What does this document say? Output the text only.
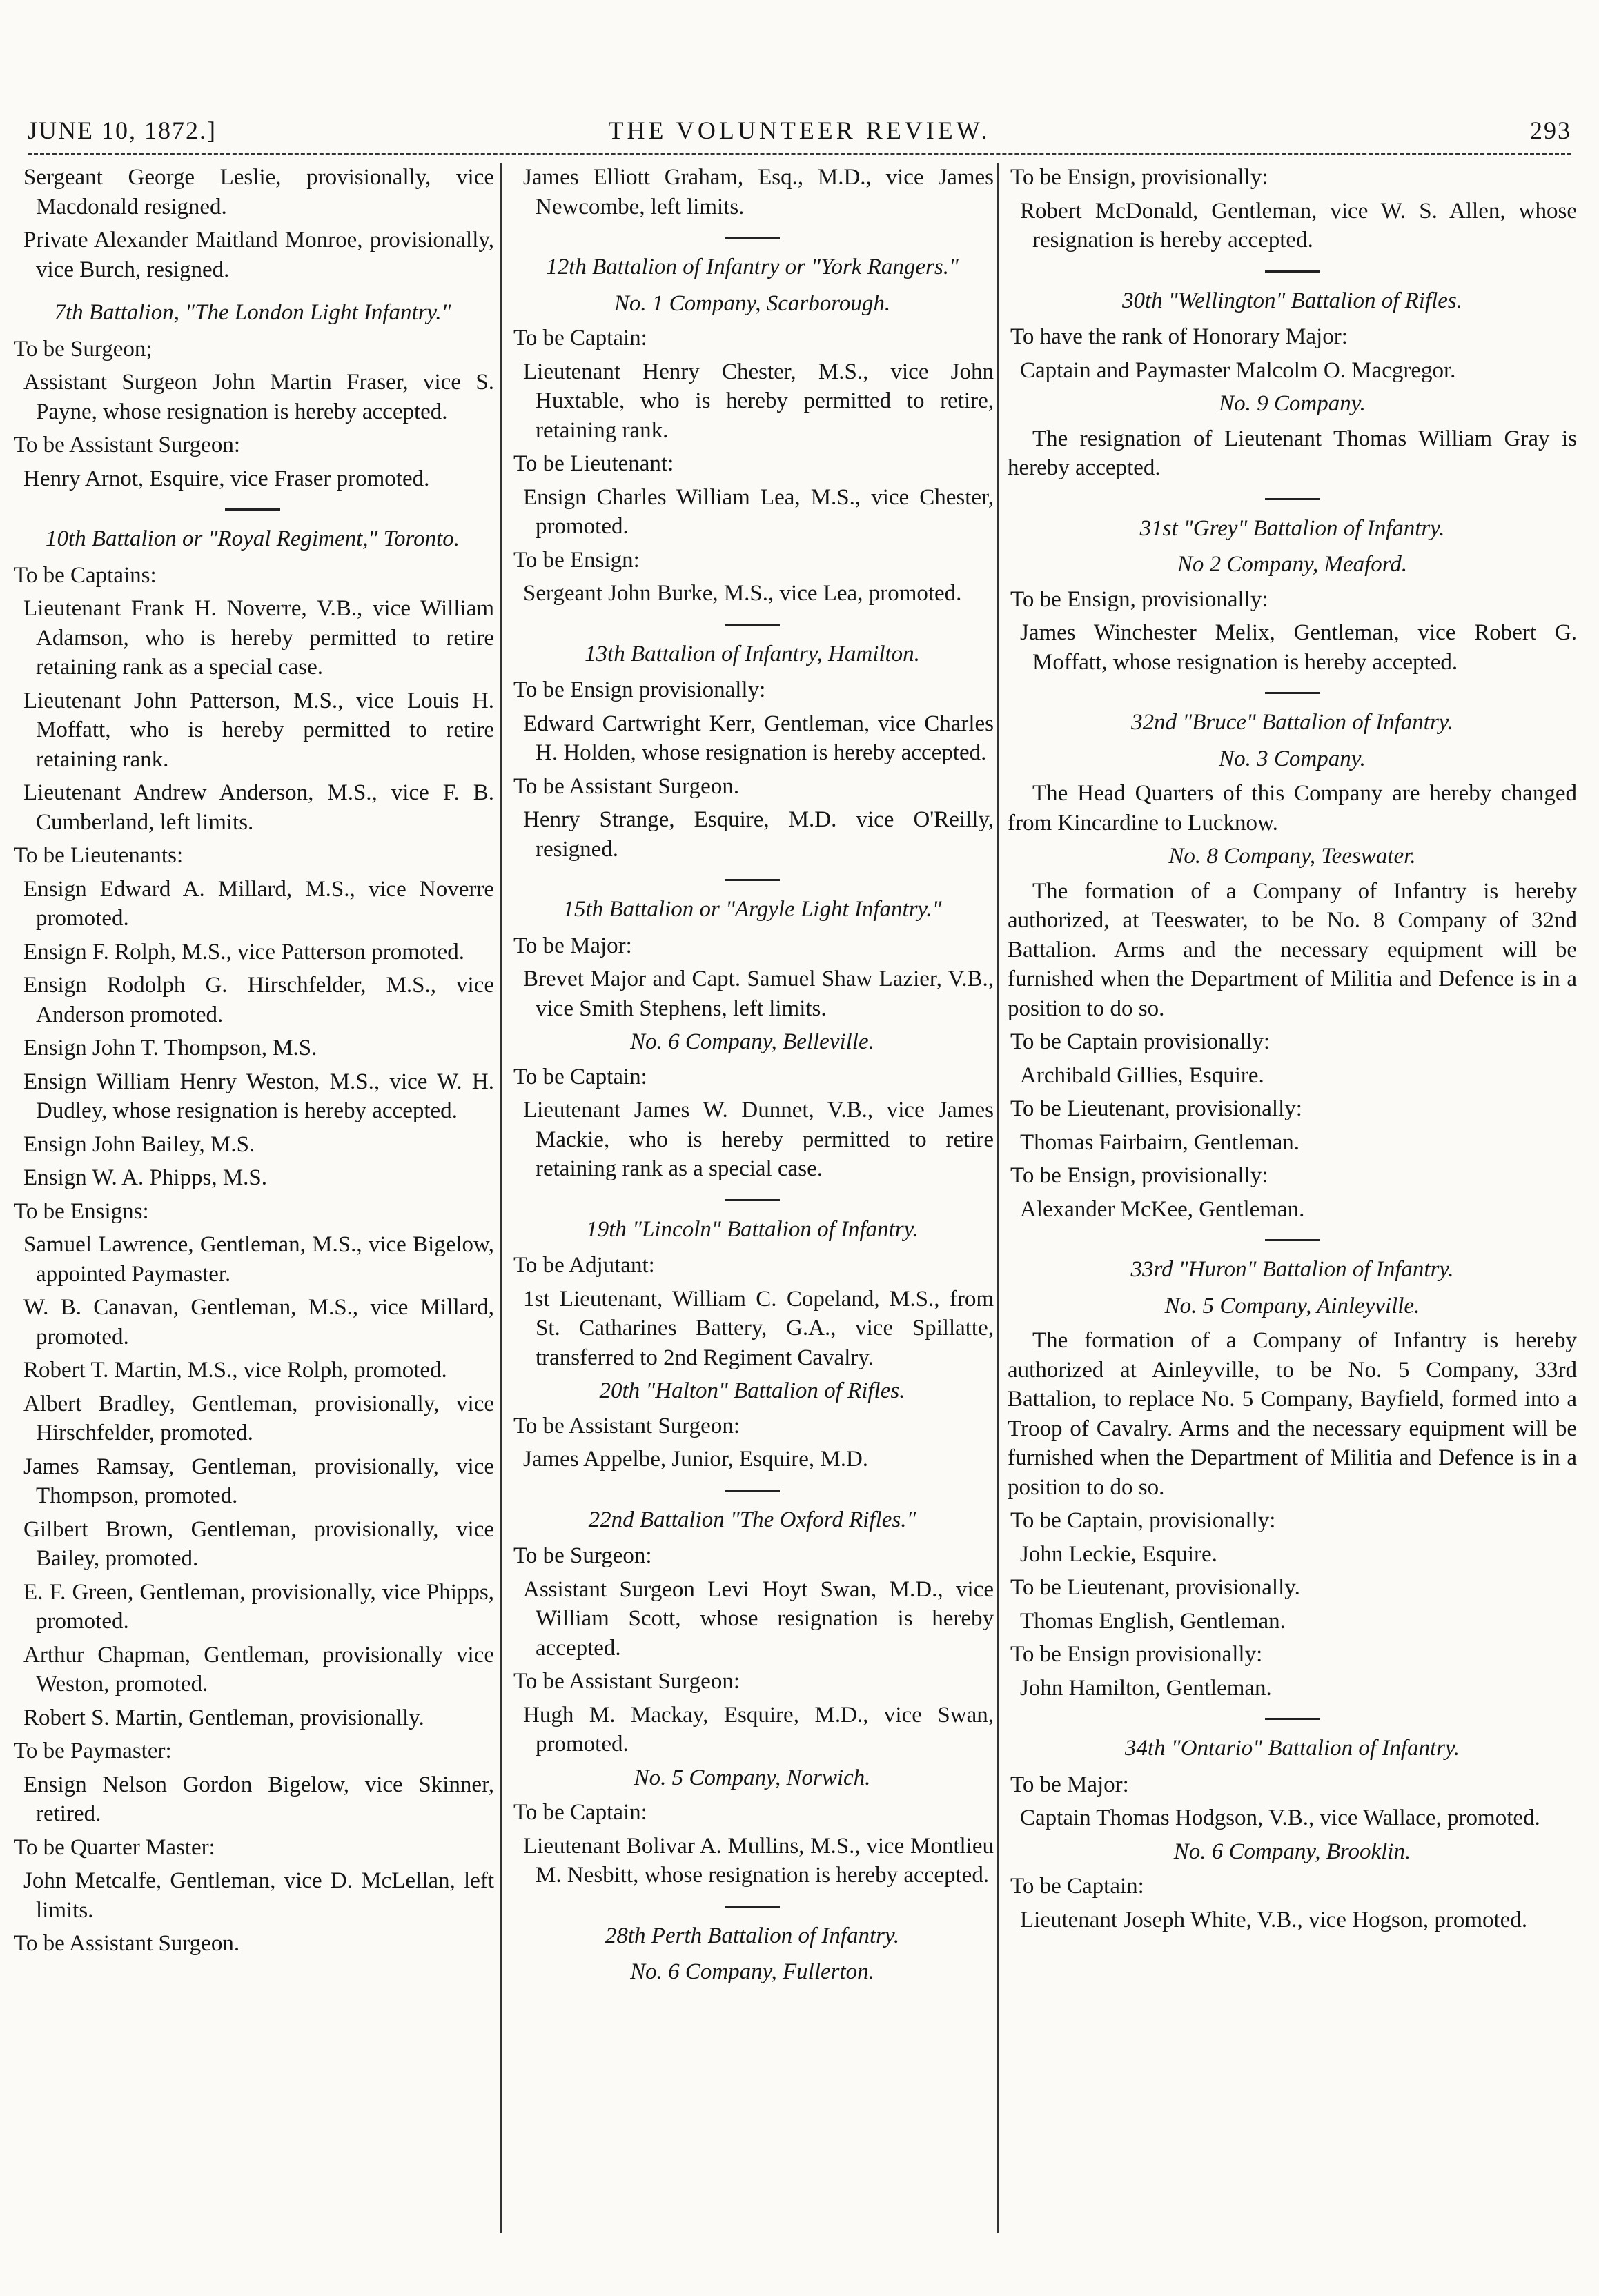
JUNE 10, 1872.]	THE VOLUNTEER REVIEW.	293
Sergeant George Leslie, provisionally, vice Macdonald resigned.
Private Alexander Maitland Monroe, provisionally, vice Burch, resigned.
7th Battalion, "The London Light Infantry."
To be Surgeon;
Assistant Surgeon John Martin Fraser, vice S. Payne, whose resignation is hereby accepted.
To be Assistant Surgeon:
Henry Arnot, Esquire, vice Fraser promoted.
10th Battalion or "Royal Regiment," Toronto.
To be Captains:
Lieutenant Frank H. Noverre, V.B., vice William Adamson, who is hereby permitted to retire retaining rank as a special case.
Lieutenant John Patterson, M.S., vice Louis H. Moffatt, who is hereby permitted to retire retaining rank.
Lieutenant Andrew Anderson, M.S., vice F. B. Cumberland, left limits.
To be Lieutenants:
Ensign Edward A. Millard, M.S., vice Noverre promoted.
Ensign F. Rolph, M.S., vice Patterson promoted.
Ensign Rodolph G. Hirschfelder, M.S., vice Anderson promoted.
Ensign John T. Thompson, M.S.
Ensign William Henry Weston, M.S., vice W. H. Dudley, whose resignation is hereby accepted.
Ensign John Bailey, M.S.
Ensign W. A. Phipps, M.S.
To be Ensigns:
Samuel Lawrence, Gentleman, M.S., vice Bigelow, appointed Paymaster.
W. B. Canavan, Gentleman, M.S., vice Millard, promoted.
Robert T. Martin, M.S., vice Rolph, promoted.
Albert Bradley, Gentleman, provisionally, vice Hirschfelder, promoted.
James Ramsay, Gentleman, provisionally, vice Thompson, promoted.
Gilbert Brown, Gentleman, provisionally, vice Bailey, promoted.
E. F. Green, Gentleman, provisionally, vice Phipps, promoted.
Arthur Chapman, Gentleman, provisionally vice Weston, promoted.
Robert S. Martin, Gentleman, provisionally.
To be Paymaster:
Ensign Nelson Gordon Bigelow, vice Skinner, retired.
To be Quarter Master:
John Metcalfe, Gentleman, vice D. McLellan, left limits.
To be Assistant Surgeon.
James Elliott Graham, Esq., M.D., vice James Newcombe, left limits.
12th Battalion of Infantry or "York Rangers."
No. 1 Company, Scarborough.
To be Captain:
Lieutenant Henry Chester, M.S., vice John Huxtable, who is hereby permitted to retire, retaining rank.
To be Lieutenant:
Ensign Charles William Lea, M.S., vice Chester, promoted.
To be Ensign:
Sergeant John Burke, M.S., vice Lea, promoted.
13th Battalion of Infantry, Hamilton.
To be Ensign provisionally:
Edward Cartwright Kerr, Gentleman, vice Charles H. Holden, whose resignation is hereby accepted.
To be Assistant Surgeon.
Henry Strange, Esquire, M.D. vice O'Reilly, resigned.
15th Battalion or "Argyle Light Infantry."
To be Major:
Brevet Major and Capt. Samuel Shaw Lazier, V.B., vice Smith Stephens, left limits.
No. 6 Company, Belleville.
To be Captain:
Lieutenant James W. Dunnet, V.B., vice James Mackie, who is hereby permitted to retire retaining rank as a special case.
19th "Lincoln" Battalion of Infantry.
To be Adjutant:
1st Lieutenant, William C. Copeland, M.S., from St. Catharines Battery, G.A., vice Spillatte, transferred to 2nd Regiment Cavalry.
20th "Halton" Battalion of Rifles.
To be Assistant Surgeon:
James Appelbe, Junior, Esquire, M.D.
22nd Battalion "The Oxford Rifles."
To be Surgeon:
Assistant Surgeon Levi Hoyt Swan, M.D., vice William Scott, whose resignation is hereby accepted.
To be Assistant Surgeon:
Hugh M. Mackay, Esquire, M.D., vice Swan, promoted.
No. 5 Company, Norwich.
To be Captain:
Lieutenant Bolivar A. Mullins, M.S., vice Montlieu M. Nesbitt, whose resignation is hereby accepted.
28th Perth Battalion of Infantry.
No. 6 Company, Fullerton.
To be Ensign, provisionally:
Robert McDonald, Gentleman, vice W. S. Allen, whose resignation is hereby accepted.
30th "Wellington" Battalion of Rifles.
To have the rank of Honorary Major:
Captain and Paymaster Malcolm O. Macgregor.
No. 9 Company.
The resignation of Lieutenant Thomas William Gray is hereby accepted.
31st "Grey" Battalion of Infantry.
No 2 Company, Meaford.
To be Ensign, provisionally:
James Winchester Melix, Gentleman, vice Robert G. Moffatt, whose resignation is hereby accepted.
32nd "Bruce" Battalion of Infantry.
No. 3 Company.
The Head Quarters of this Company are hereby changed from Kincardine to Lucknow.
No. 8 Company, Teeswater.
The formation of a Company of Infantry is hereby authorized, at Teeswater, to be No. 8 Company of 32nd Battalion. Arms and the necessary equipment will be furnished when the Department of Militia and Defence is in a position to do so.
To be Captain provisionally:
Archibald Gillies, Esquire.
To be Lieutenant, provisionally:
Thomas Fairbairn, Gentleman.
To be Ensign, provisionally:
Alexander McKee, Gentleman.
33rd "Huron" Battalion of Infantry.
No. 5 Company, Ainleyville.
The formation of a Company of Infantry is hereby authorized at Ainleyville, to be No. 5 Company, 33rd Battalion, to replace No. 5 Company, Bayfield, formed into a Troop of Cavalry. Arms and the necessary equipment will be furnished when the Department of Militia and Defence is in a position to do so.
To be Captain, provisionally:
John Leckie, Esquire.
To be Lieutenant, provisionally.
Thomas English, Gentleman.
To be Ensign provisionally:
John Hamilton, Gentleman.
34th "Ontario" Battalion of Infantry.
To be Major:
Captain Thomas Hodgson, V.B., vice Wallace, promoted.
No. 6 Company, Brooklin.
To be Captain:
Lieutenant Joseph White, V.B., vice Hogson, promoted.
